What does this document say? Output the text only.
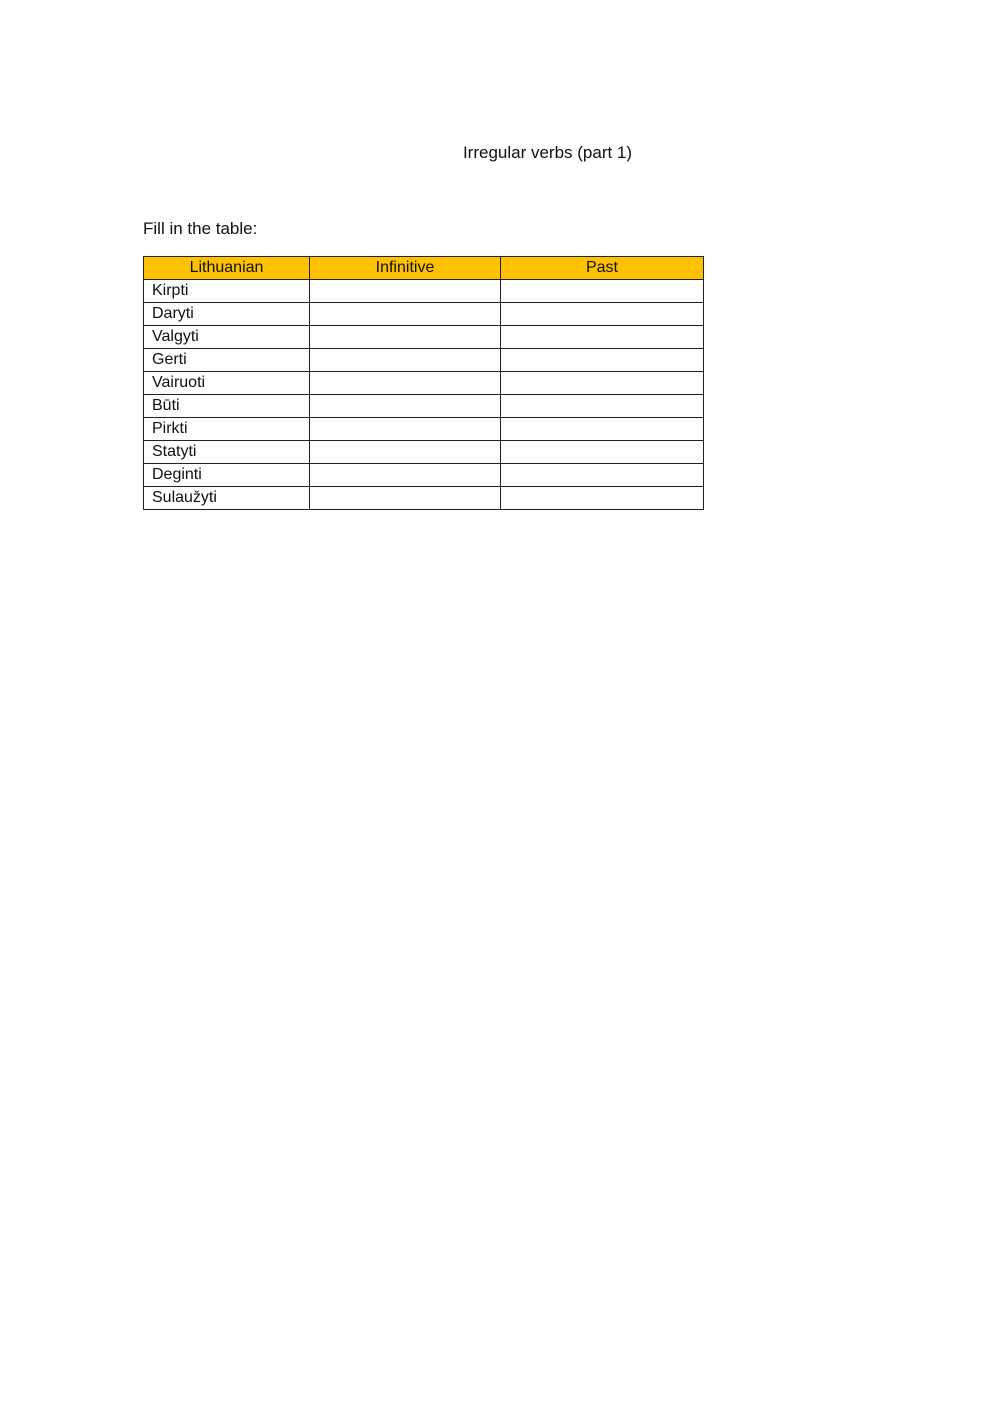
Irregular verbs (part 1)
Fill in the table:
Lithuanian	Infinitive	Past
Kirpti		
Daryti		
Valgyti		
Gerti		
Vairuoti		
Būti		
Pirkti		
Statyti		
Deginti		
Sulaužyti		
